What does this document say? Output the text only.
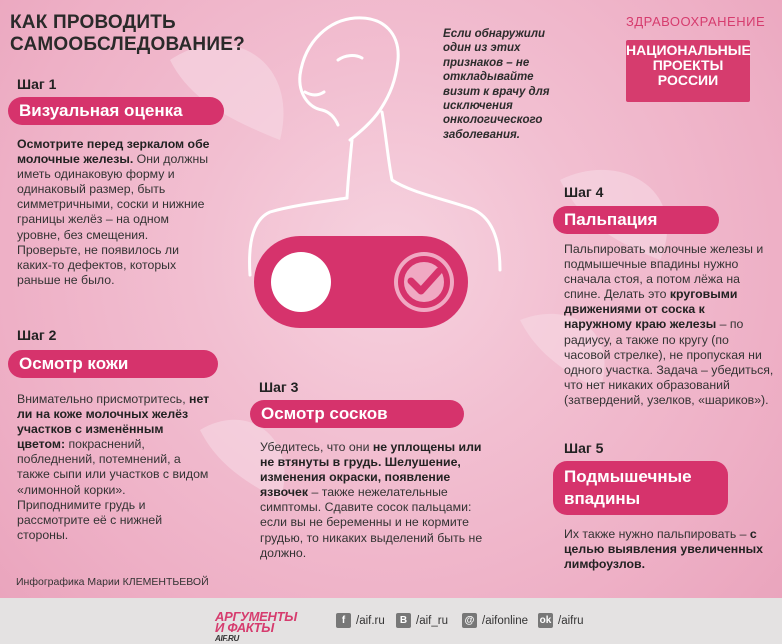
КАК ПРОВОДИТЬ
САМООБСЛЕДОВАНИЕ?	Если обнаружили один из этих признаков – не откладывайте визит к врачу для исключения онкологического заболевания.
ЗДРАВООХРАНЕНИЕ
НАЦИОНАЛЬНЫЕ
ПРОЕКТЫ
РОССИИ
Шаг 1
Визуальная оценка
Осмотрите перед зеркалом обе молочные железы. Они должны иметь одинаковую форму и одинаковый размер, быть симметричными, соски и нижние границы желёз – на одном уровне, без смещения. Проверьте, не появилось ли каких-то дефектов, которых раньше не было.
Шаг 2
Осмотр кожи
Внимательно присмотритесь, нет ли на коже молочных желёз участков с изменённым цветом: покраснений, побледнений, потемнений, а также сыпи или участков с видом «лимонной корки». Приподнимите грудь и рассмотрите её с нижней стороны.
Шаг 3
Осмотр сосков
Убедитесь, что они не уплощены или не втянуты в грудь. Шелушение, изменения окраски, появление язвочек – также нежелательные симптомы. Сдавите сосок пальцами: если вы не беременны и не кормите грудью, то никаких выделений быть не должно.
Шаг 4
Пальпация
Пальпировать молочные железы и подмышечные впадины нужно сначала стоя, а потом лёжа на спине. Делать это круговыми движениями от соска к наружному краю железы – по радиусу, а также по кругу (по часовой стрелке), не пропуская ни одного участка. Задача – убедиться, что нет никаких образований (затвердений, узелков, «шариков»).
Шаг 5
Подмышечные впадины
Их также нужно пальпировать – с целью выявления увеличенных лимфоузлов.
Инфографика Марии КЛЕМЕНТЬЕВОЙ
АРГУМЕНТЫ
И ФАКТЫ
AIF.RU
f /aif.ru	B /aif_ru @ /aifonline ok /aifru
